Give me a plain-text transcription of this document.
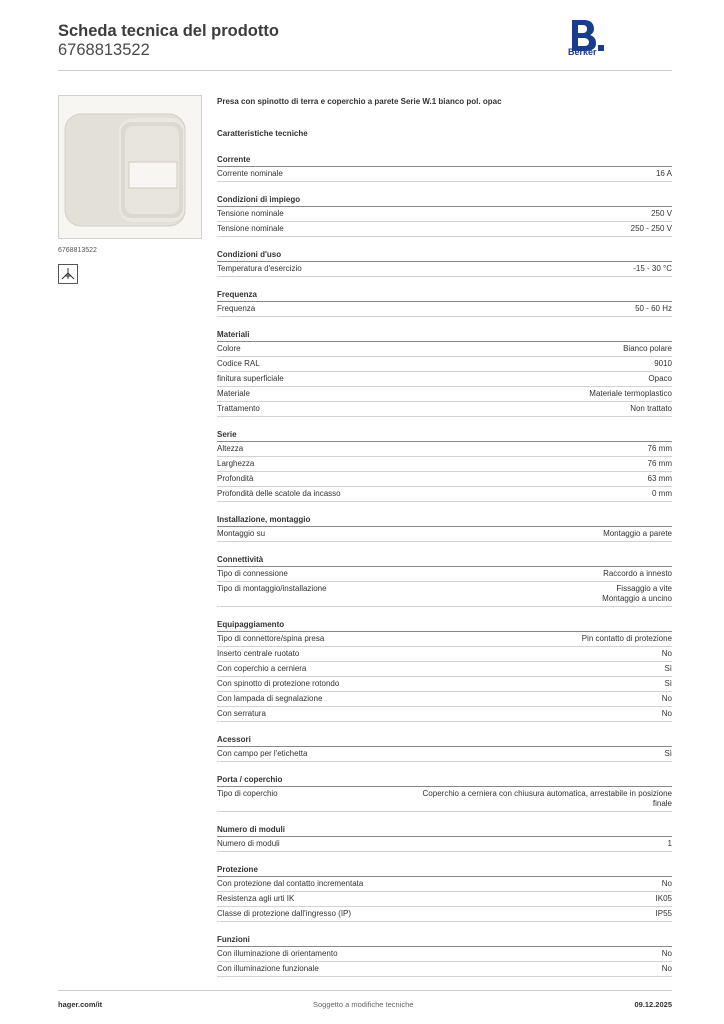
Scheda tecnica del prodotto
6768813522	Berker
6768813522
Presa con spinotto di terra e coperchio a parete Serie W.1 bianco pol. opac
Caratteristiche tecniche
Corrente
Corrente nominale	16 A
Condizioni di impiego
Tensione nominale	250 V
Tensione nominale	250 - 250 V
Condizioni d'uso
Temperatura d'esercizio	-15 - 30 °C
Frequenza
Frequenza	50 - 60 Hz
Materiali
Colore	Bianco polare
Codice RAL	9010
finitura superficiale	Opaco
Materiale	Materiale termoplastico
Trattamento	Non trattato
Serie
Altezza	76 mm
Larghezza	76 mm
Profondità	63 mm
Profondità delle scatole da incasso	0 mm
Installazione, montaggio
Montaggio su	Montaggio a parete
Connettività
Tipo di connessione	Raccordo a innesto
Tipo di montaggio/installazione	Fissaggio a vite
Montaggio a uncino
Equipaggiamento
Tipo di connettore/spina presa	Pin contatto di protezione
Inserto centrale ruotato	No
Con coperchio a cerniera	Sì
Con spinotto di protezione rotondo	Sì
Con lampada di segnalazione	No
Con serratura	No
Acessori
Con campo per l'etichetta	Sì
Porta / coperchio
Tipo di coperchio	Coperchio a cerniera con chiusura automatica, arrestabile in posizione finale
Numero di moduli
Numero di moduli	1
Protezione
Con protezione dal contatto incrementata	No
Resistenza agli urti IK	IK05
Classe di protezione dall'ingresso (IP)	IP55
Funzioni
Con illuminazione di orientamento	No
Con illuminazione funzionale	No
hager.com/it	Soggetto a modifiche tecniche	09.12.2025
